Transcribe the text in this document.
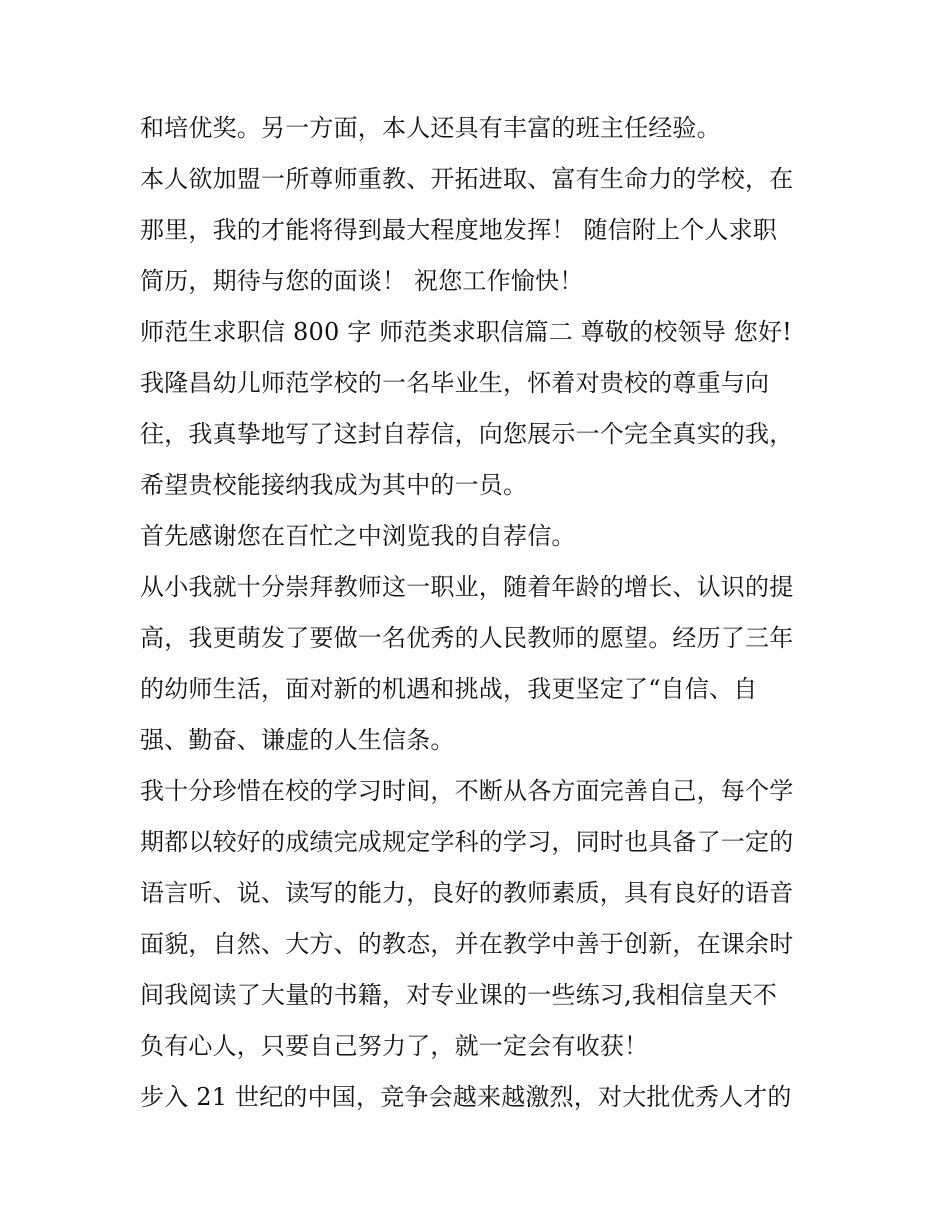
和培优奖。另一方面，本人还具有丰富的班主任经验。
本人欲加盟一所尊师重教、开拓进取、富有生命力的学校，在
那里，我的才能将得到最大程度地发挥！ 随信附上个人求职
简历，期待与您的面谈！ 祝您工作愉快！
师范生求职信 800 字 师范类求职信篇二 尊敬的校领导 您好!
我隆昌幼儿师范学校的一名毕业生，怀着对贵校的尊重与向
往，我真挚地写了这封自荐信，向您展示一个完全真实的我，
希望贵校能接纳我成为其中的一员。
首先感谢您在百忙之中浏览我的自荐信。
从小我就十分崇拜教师这一职业，随着年龄的增长、认识的提
高，我更萌发了要做一名优秀的人民教师的愿望。经历了三年
的幼师生活，面对新的机遇和挑战，我更坚定了“自信、自
强、勤奋、谦虚的人生信条。
我十分珍惜在校的学习时间，不断从各方面完善自己，每个学
期都以较好的成绩完成规定学科的学习，同时也具备了一定的
语言听、说、读写的能力，良好的教师素质，具有良好的语音
面貌，自然、大方、的教态，并在教学中善于创新，在课余时
间我阅读了大量的书籍，对专业课的一些练习,我相信皇天不
负有心人，只要自己努力了，就一定会有收获！
步入 21 世纪的中国，竞争会越来越激烈，对大批优秀人才的
